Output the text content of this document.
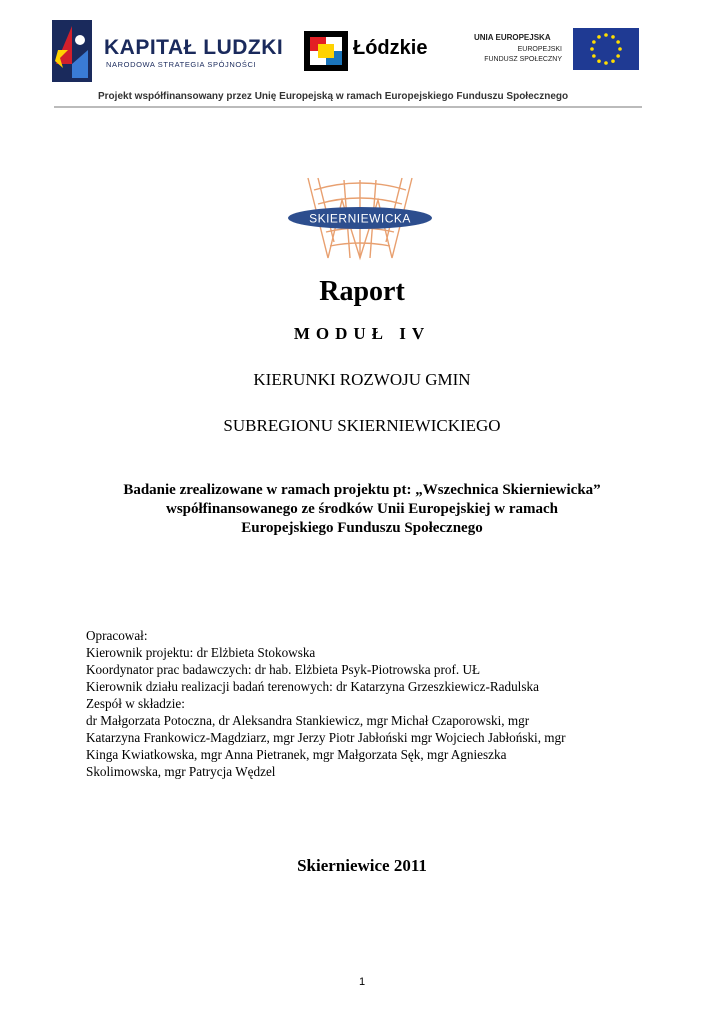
KAPITAŁ LUDZKI
NARODOWA STRATEGIA SPÓJNOŚCI
Łódzkie	UNIA EUROPEJSKA
EUROPEJSKI
FUNDUSZ SPOŁECZNY
Projekt współfinansowany przez Unię Europejską w ramach Europejskiego Funduszu Społecznego
SKIERNIEWICKA
Raport
MODUŁ IV
KIERUNKI ROZWOJU GMIN
SUBREGIONU SKIERNIEWICKIEGO
Badanie zrealizowane w ramach projektu pt: „Wszechnica Skierniewicka”
współfinansowanego ze środków Unii Europejskiej w ramach
Europejskiego Funduszu Społecznego
Opracował:
Kierownik projektu: dr Elżbieta Stokowska
Koordynator prac badawczych: dr hab. Elżbieta Psyk-Piotrowska prof. UŁ
Kierownik działu realizacji badań terenowych: dr Katarzyna Grzeszkiewicz-Radulska
Zespół w składzie:
dr Małgorzata Potoczna, dr Aleksandra Stankiewicz, mgr Michał Czaporowski, mgr
Katarzyna Frankowicz-Magdziarz, mgr Jerzy Piotr Jabłoński mgr Wojciech Jabłoński, mgr
Kinga Kwiatkowska, mgr Anna Pietranek, mgr Małgorzata Sęk, mgr Agnieszka
Skolimowska, mgr Patrycja Wędzel
Skierniewice 2011
1
